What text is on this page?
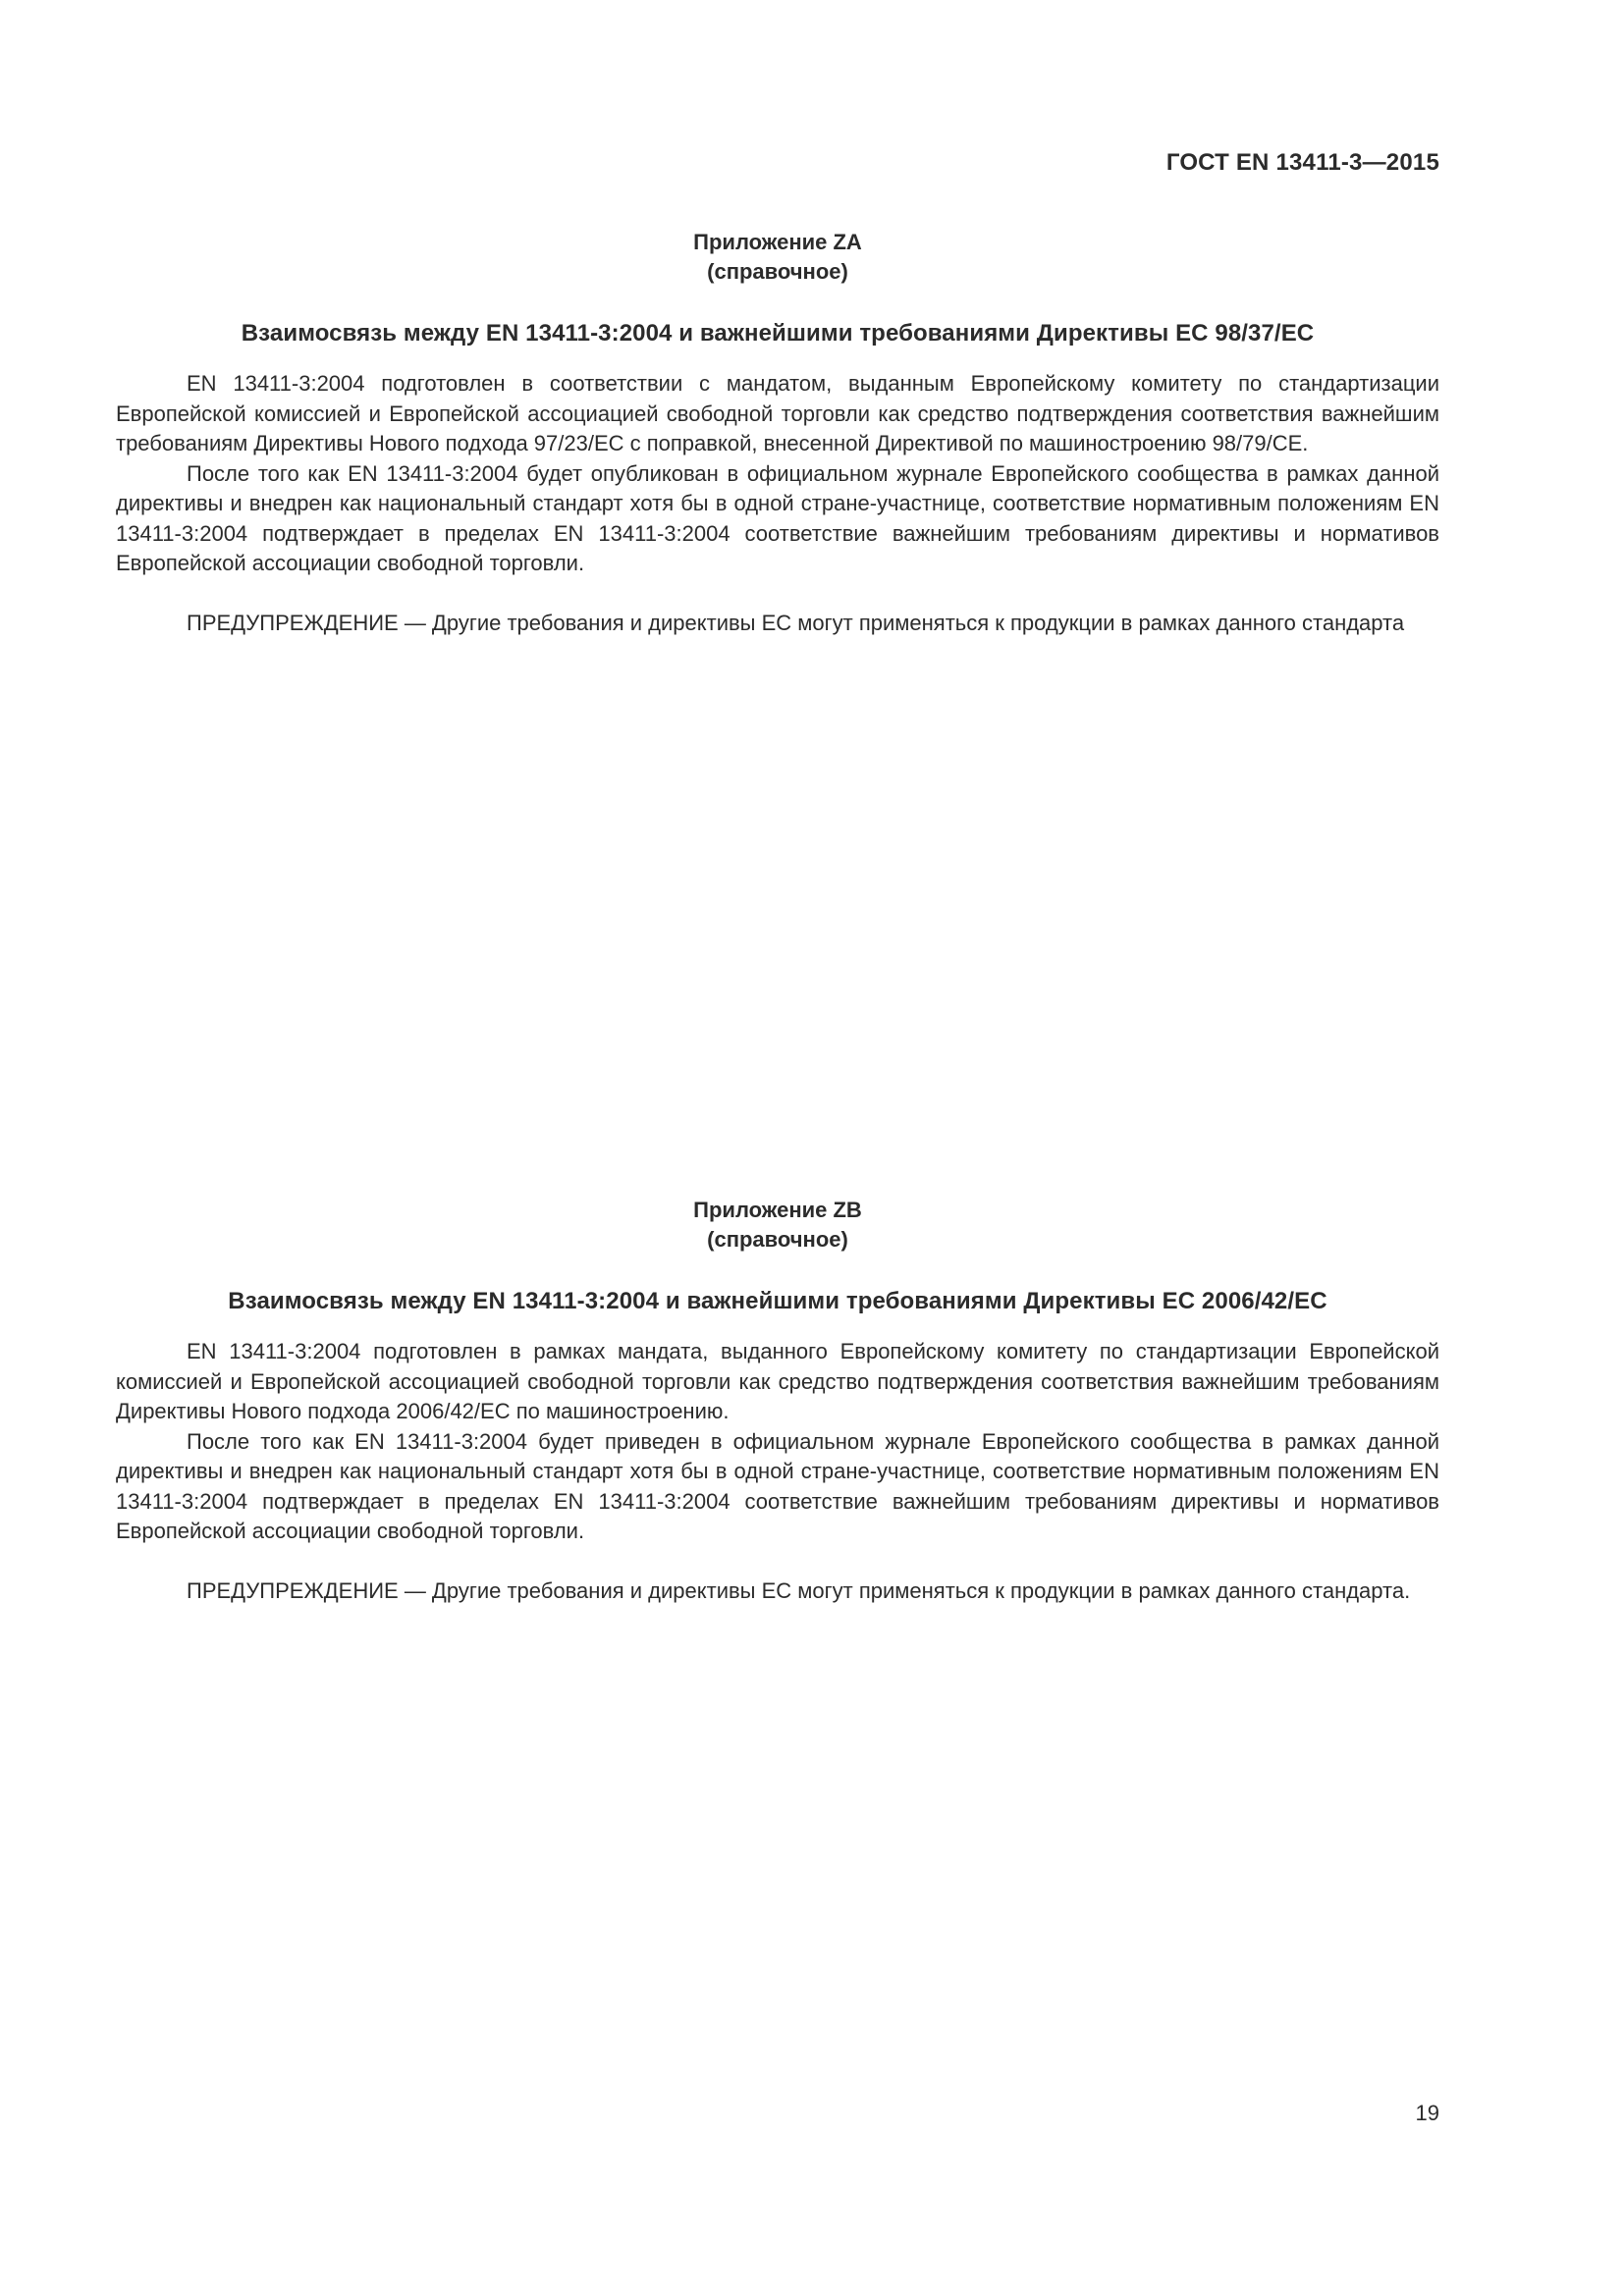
ГОСТ EN 13411-3—2015
Приложение ZA
(справочное)
Взаимосвязь между EN 13411-3:2004 и важнейшими требованиями Директивы ЕС 98/37/ЕС

EN 13411-3:2004 подготовлен в соответствии с мандатом, выданным Европейскому комитету по стандартизации Европейской комиссией и Европейской ассоциацией свободной торговли как средство подтверждения соответствия важнейшим требованиям Директивы Нового подхода 97/23/ЕС с поправкой, внесенной Директивой по машиностроению 98/79/СЕ.

После того как EN 13411-3:2004 будет опубликован в официальном журнале Европейского сообщества в рамках данной директивы и внедрен как национальный стандарт хотя бы в одной стране-участнице, соответствие нормативным положениям EN 13411-3:2004 подтверждает в пределах EN 13411-3:2004 соответствие важнейшим требованиям директивы и нормативов Европейской ассоциации свободной торговли.

ПРЕДУПРЕЖДЕНИЕ — Другие требования и директивы ЕС могут применяться к продукции в рамках данного стандарта

Приложение ZB
(справочное)
Взаимосвязь между EN 13411-3:2004 и важнейшими требованиями Директивы ЕС 2006/42/ЕС

EN 13411-3:2004 подготовлен в рамках мандата, выданного Европейскому комитету по стандартизации Европейской комиссией и Европейской ассоциацией свободной торговли как средство подтверждения соответствия важнейшим требованиям Директивы Нового подхода 2006/42/ЕС по машиностроению.

После того как EN 13411-3:2004 будет приведен в официальном журнале Европейского сообщества в рамках данной директивы и внедрен как национальный стандарт хотя бы в одной стране-участнице, соответствие нормативным положениям EN 13411-3:2004 подтверждает в пределах EN 13411-3:2004 соответствие важнейшим требованиям директивы и нормативов Европейской ассоциации свободной торговли.

ПРЕДУПРЕЖДЕНИЕ — Другие требования и директивы ЕС могут применяться к продукции в рамках данного стандарта.

19
